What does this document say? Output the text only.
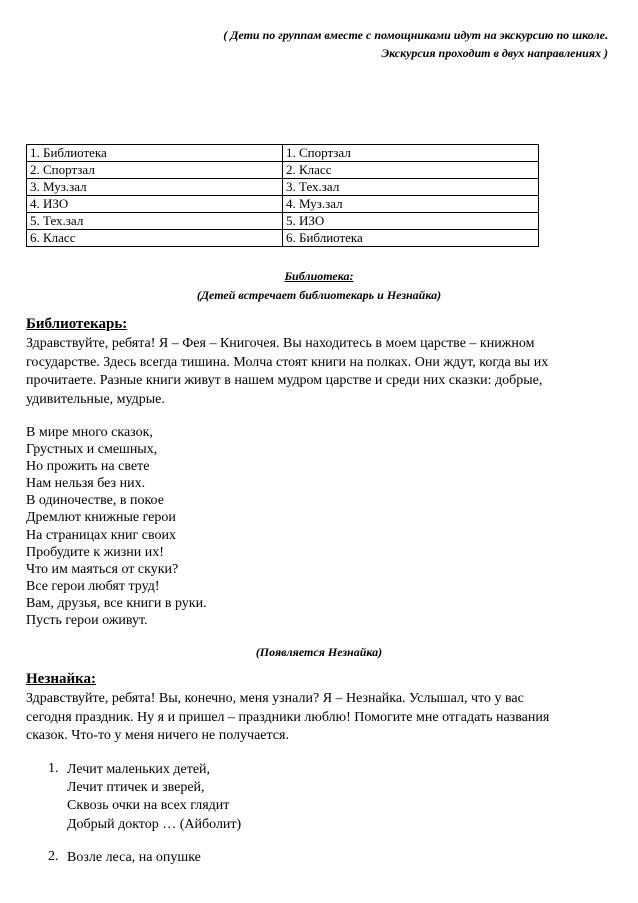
( Дети по группам вместе с помощниками идут на экскурсию по школе.
Экскурсия проходит в двух направлениях )
1. Библиотека	1. Спортзал
2. Спортзал	2. Класс
3. Муз.зал	3. Тех.зал
4. ИЗО	4. Муз.зал
5. Тех.зал	5. ИЗО
6. Класс	6. Библиотека
Библиотека:
(Детей встречает библиотекарь и Незнайка)
Библиотекарь:
Здравствуйте, ребята! Я – Фея – Книгочея. Вы находитесь в моем царстве – книжном
государстве. Здесь всегда тишина. Молча стоят книги на полках. Они ждут, когда вы их
прочитаете. Разные книги живут в нашем мудром царстве и среди них сказки: добрые,
удивительные, мудрые.
В мире много сказок,
Грустных и смешных,
Но прожить на свете
Нам нельзя без них.
В одиночестве, в покое
Дремлют книжные герои
На страницах книг своих
Пробудите к жизни их!
Что им маяться от скуки?
Все герои любят труд!
Вам, друзья, все книги в руки.
Пусть герои оживут.
(Появляется Незнайка)
Незнайка:
Здравствуйте, ребята! Вы, конечно, меня узнали? Я – Незнайка. Услышал, что у вас
сегодня праздник. Ну я и пришел – праздники люблю! Помогите мне отгадать названия
сказок. Что-то у меня ничего не получается.
1. Лечит маленьких детей,
Лечит птичек и зверей,
Сквозь очки на всех глядит
Добрый доктор … (Айболит)
2. Возле леса, на опушке
